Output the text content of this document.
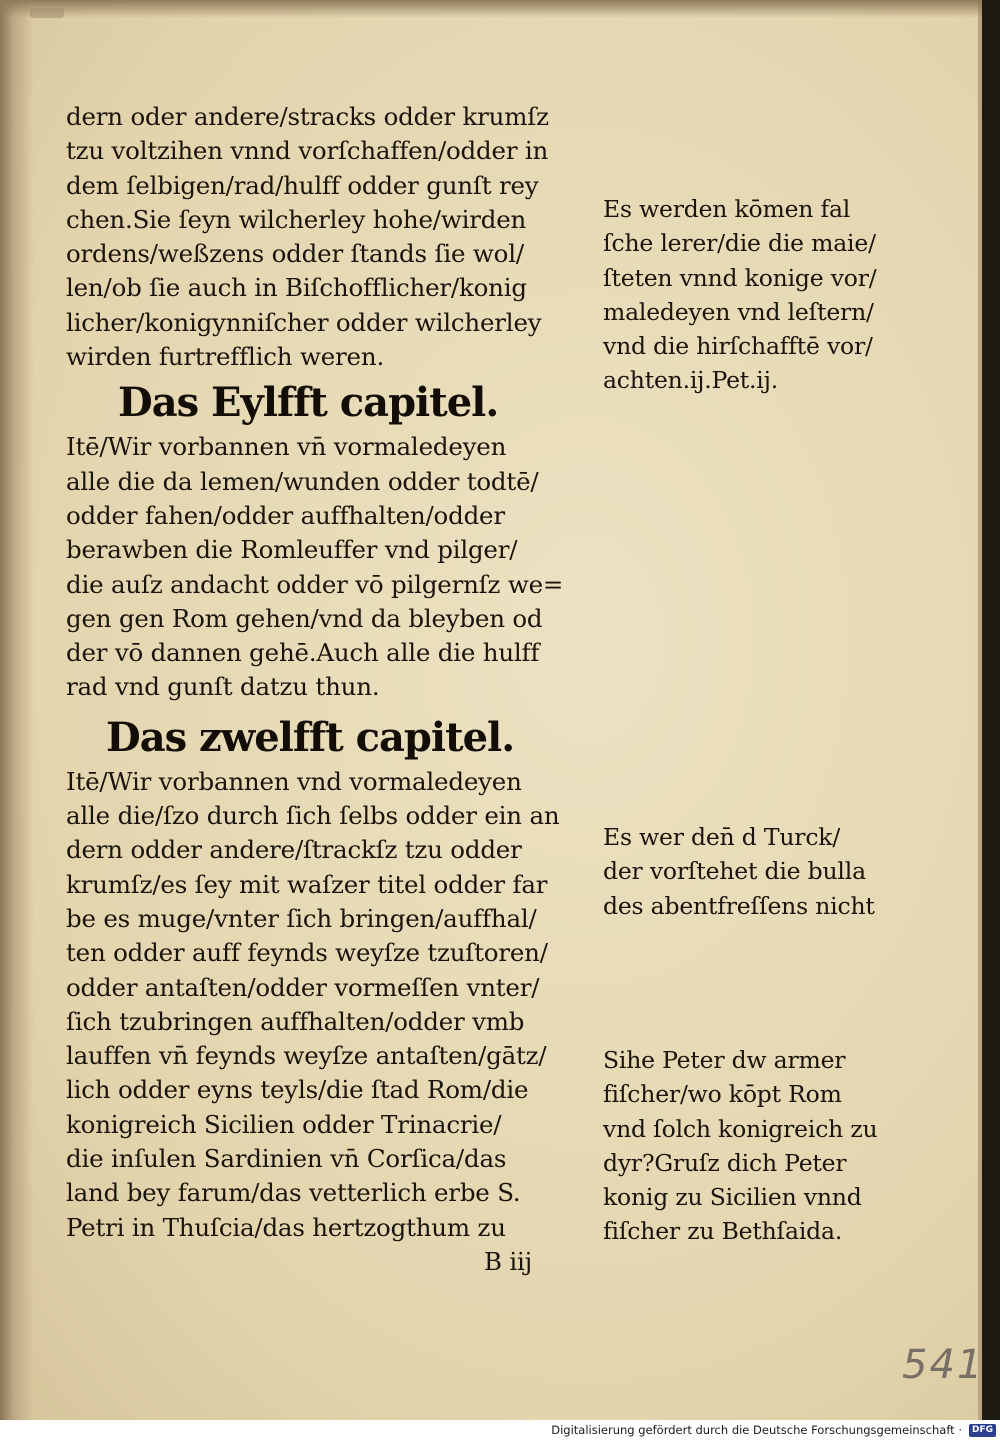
dern oder andere/stracks odder krumſz
tzu voltzihen vnnd vorſchaffen/odder in
dem ſelbigen/rad/hulff odder gunſt rey
chen.Sie ſeyn wilcherley hohe/wirden
ordens/weßzens odder ſtands ſie wol/
len/ob ſie auch in Biſchofflicher/konig
licher/konigynniſcher odder wilcherley
wirden furtrefflich weren.
Das Eylfft capitel.
Itē/Wir vorbannen vn̄ vormaledeyen
alle die da lemen/wunden odder todtē/
odder fahen/odder auffhalten/odder
berawben die Romleuffer vnd pilger/
die auſz andacht odder vō pilgernſz we=
gen gen Rom gehen/vnd da bleyben od
der vō dannen gehē.Auch alle die hulff
rad vnd gunſt datzu thun.
Das zwelfft capitel.
Itē/Wir vorbannen vnd vormaledeyen
alle die/ſzo durch ſich ſelbs odder ein an
dern odder andere/ſtrackſz tzu odder
krumſz/es ſey mit waſzer titel odder far
be es muge/vnter ſich bringen/auffhal/
ten odder auff feynds weyſze tzuſtoren/
odder antaſten/odder vormeſſen vnter/
ſich tzubringen auffhalten/odder vmb
lauffen vn̄ feynds weyſze antaſten/gātz/
lich odder eyns teyls/die ſtad Rom/die
konigreich Sicilien odder Trinacrie/
die inſulen Sardinien vn̄ Corſica/das
land bey farum/das vetterlich erbe S.
Petri in Thuſcia/das hertzogthum zu
B iij
Es werden kōmen fal
ſche lerer/die die maie/
ſteten vnnd konige vor/
maledeyen vnd leſtern/
vnd die hirſchafftē vor/
achten.ij.Pet.ij.
Es wer den̄ d Turck/
der vorſtehet die bulla
des abentfreſſens nicht
Sihe Peter dw armer
fiſcher/wo kōpt Rom
vnd ſolch konigreich zu
dyr?Gruſz dich Peter
konig zu Sicilien vnnd
fiſcher zu Bethſaida.
541
Digitalisierung gefördert durch die Deutsche Forschungsgemeinschaft ·	DFG
